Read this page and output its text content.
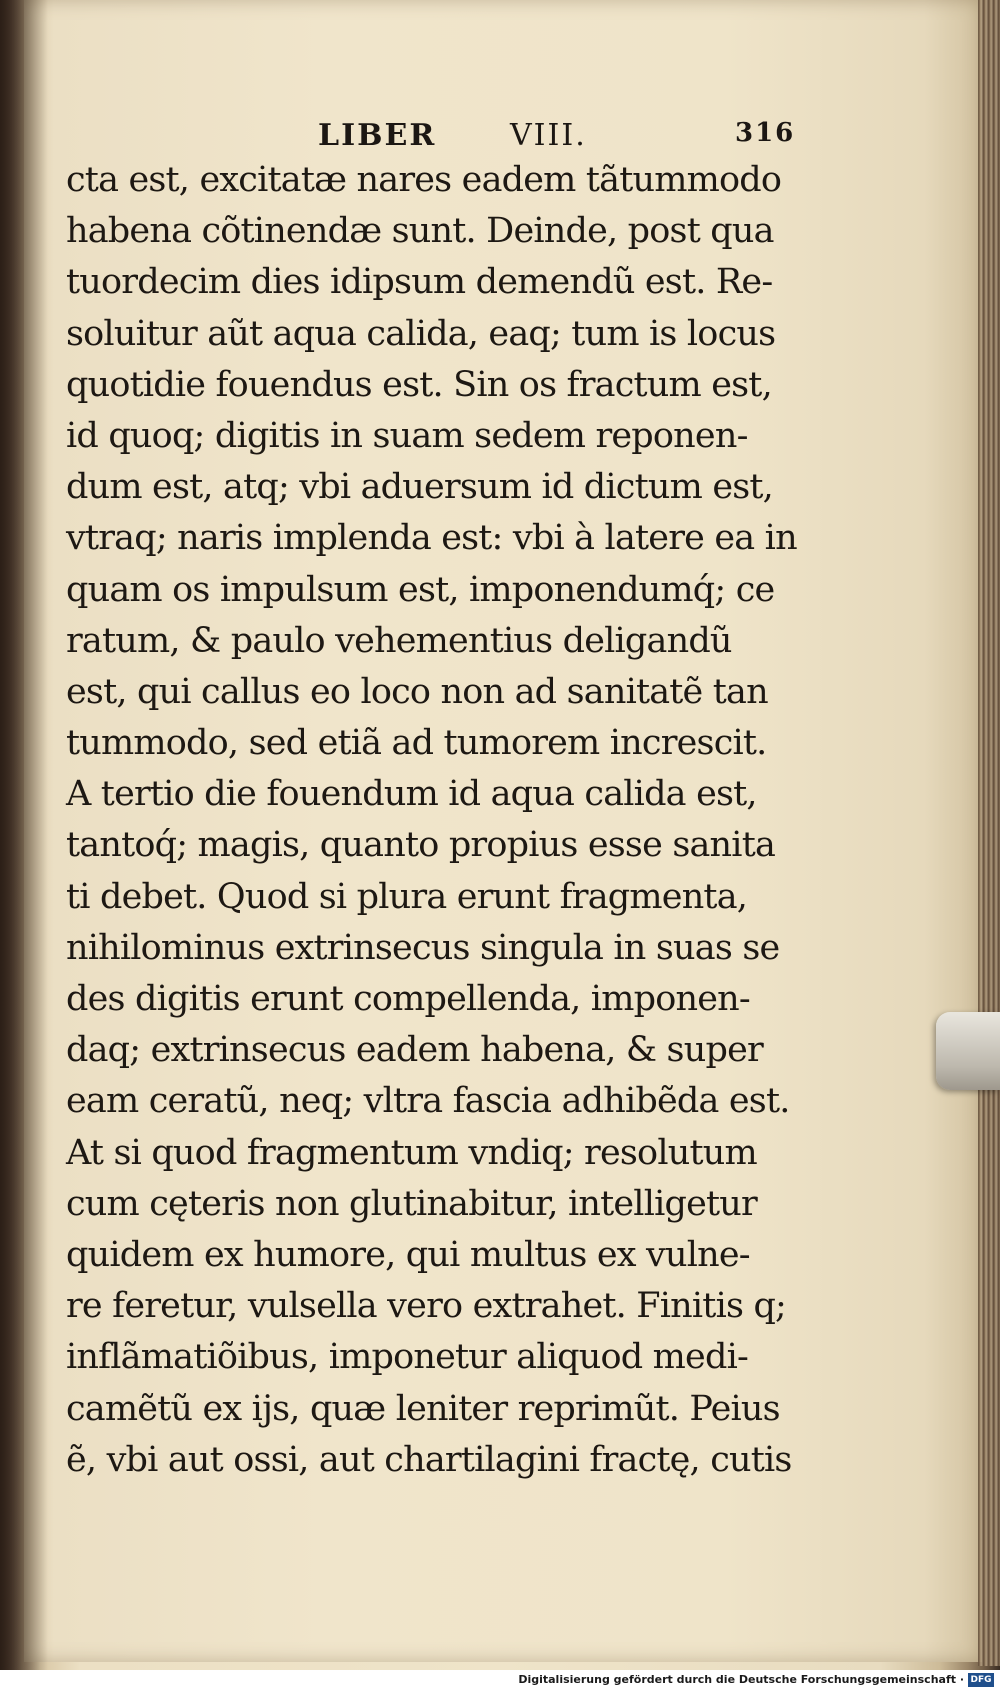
LIBER VIII.	316
cta est, excitatæ nares eadem tãtummodo
habena cõtinendæ sunt. Deinde, post qua
tuordecim dies idipsum demendũ est. Re-
soluitur aũt aqua calida, eaq; tum is locus
quotidie fouendus est. Sin os fractum est,
id quoq; digitis in suam sedem reponen-
dum est, atq; vbi aduersum id dictum est,
vtraq; naris implenda est: vbi à latere ea in
quam os impulsum est, imponendumq́; ce
ratum, & paulo vehementius deligandũ
est, qui callus eo loco non ad sanitatẽ tan
tummodo, sed etiã ad tumorem increscit.
A tertio die fouendum id aqua calida est,
tantoq́; magis, quanto propius esse sanita
ti debet. Quod si plura erunt fragmenta,
nihilominus extrinsecus singula in suas se
des digitis erunt compellenda, imponen-
daq; extrinsecus eadem habena, & super
eam ceratũ, neq; vltra fascia adhibẽda est.
At si quod fragmentum vndiq; resolutum
cum cęteris non glutinabitur, intelligetur
quidem ex humore, qui multus ex vulne-
re feretur, vulsella vero extrahet. Finitis q;
inflãmatiõibus, imponetur aliquod medi-
camẽtũ ex ijs, quæ leniter reprimũt. Peius
ẽ, vbi aut ossi, aut chartilagini fractę, cutis
Digitalisierung gefördert durch die Deutsche Forschungsgemeinschaft · DFG
